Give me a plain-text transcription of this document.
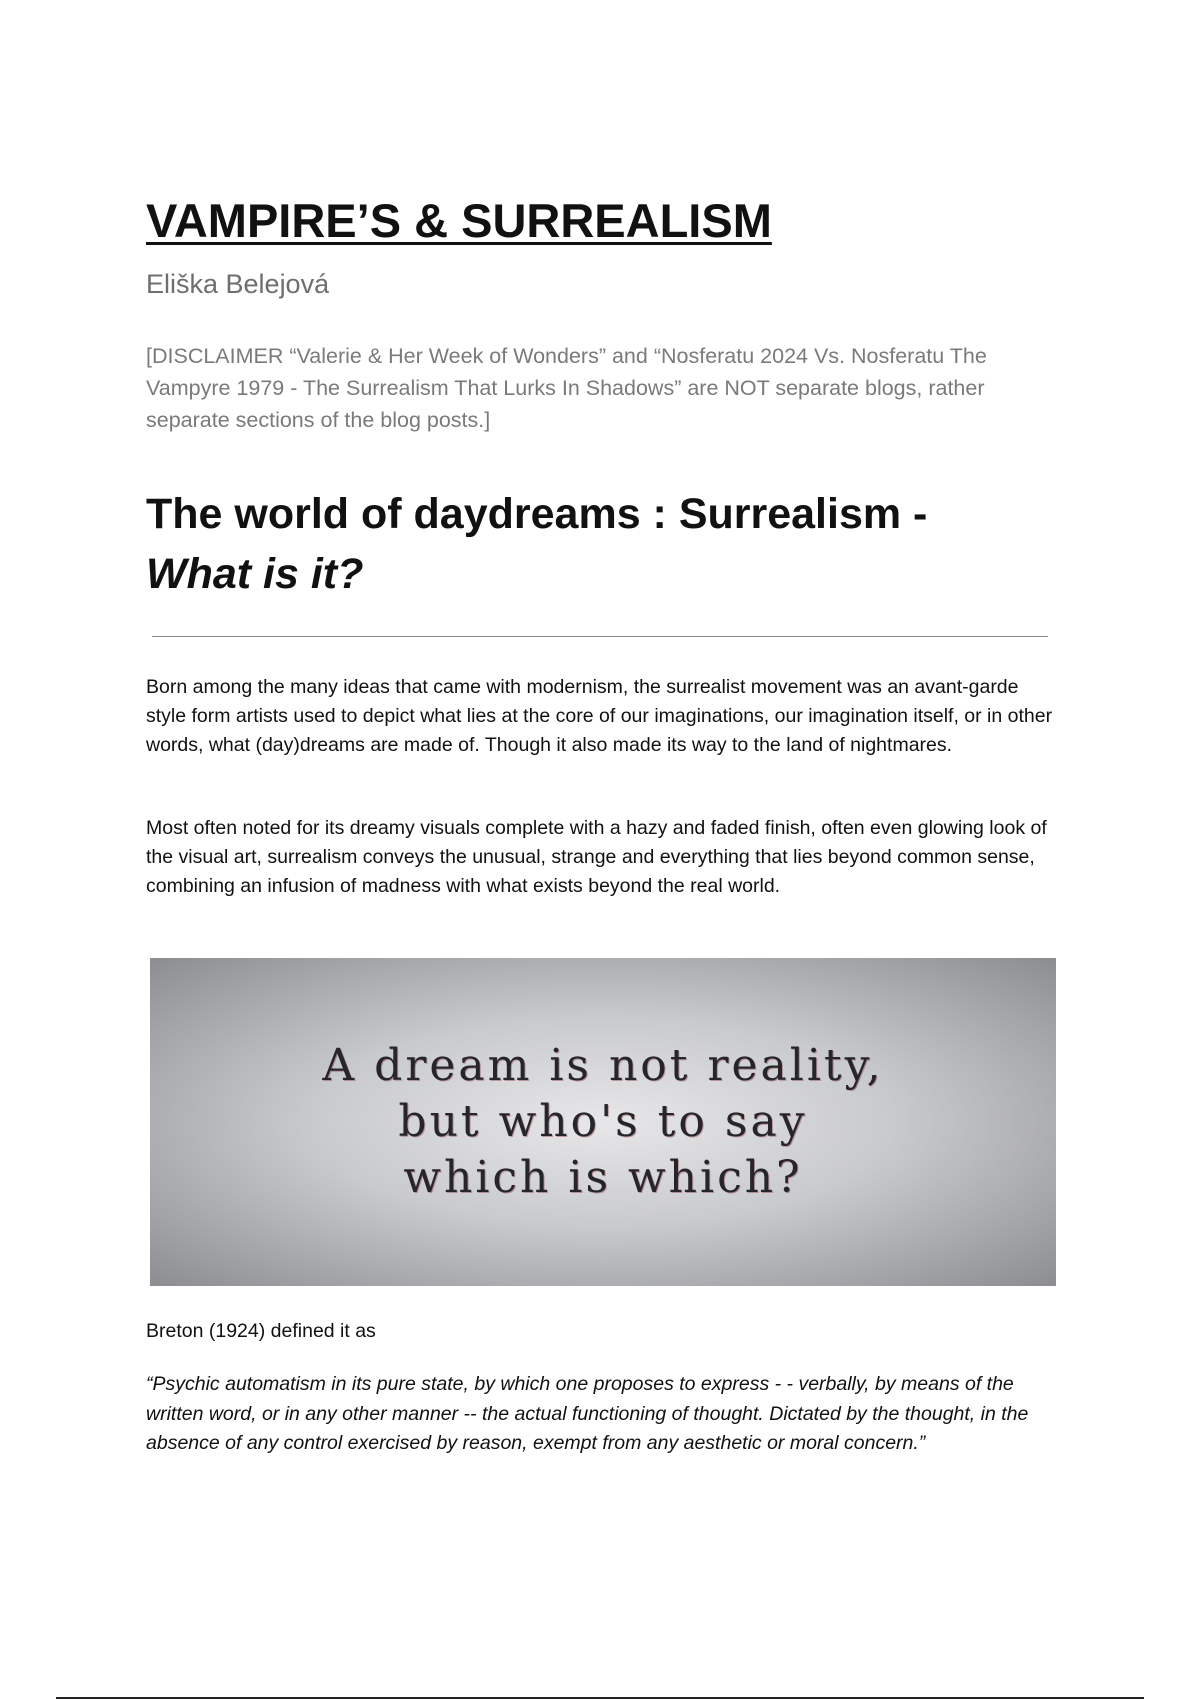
VAMPIRE’S & SURREALISM

Eliška Belejová

[DISCLAIMER “Valerie & Her Week of Wonders” and “Nosferatu 2024 Vs. Nosferatu The Vampyre 1979 - The Surrealism That Lurks In Shadows” are NOT separate blogs, rather separate sections of the blog posts.]

The world of daydreams : Surrealism -
What is it?

Born among the many ideas that came with modernism, the surrealist movement was an avant-garde style form artists used to depict what lies at the core of our imaginations, our imagination itself, or in other words, what (day)dreams are made of. Though it also made its way to the land of nightmares.

Most often noted for its dreamy visuals complete with a hazy and faded finish, often even glowing look of the visual art, surrealism conveys the unusual, strange and everything that lies beyond common sense, combining an infusion of madness with what exists beyond the real world.

A dream is not reality,
but who's to say
which is which?

Breton (1924) defined it as

“Psychic automatism in its pure state, by which one proposes to express - - verbally, by means of the written word, or in any other manner -- the actual functioning of thought. Dictated by the thought, in the absence of any control exercised by reason, exempt from any aesthetic or moral concern.”
